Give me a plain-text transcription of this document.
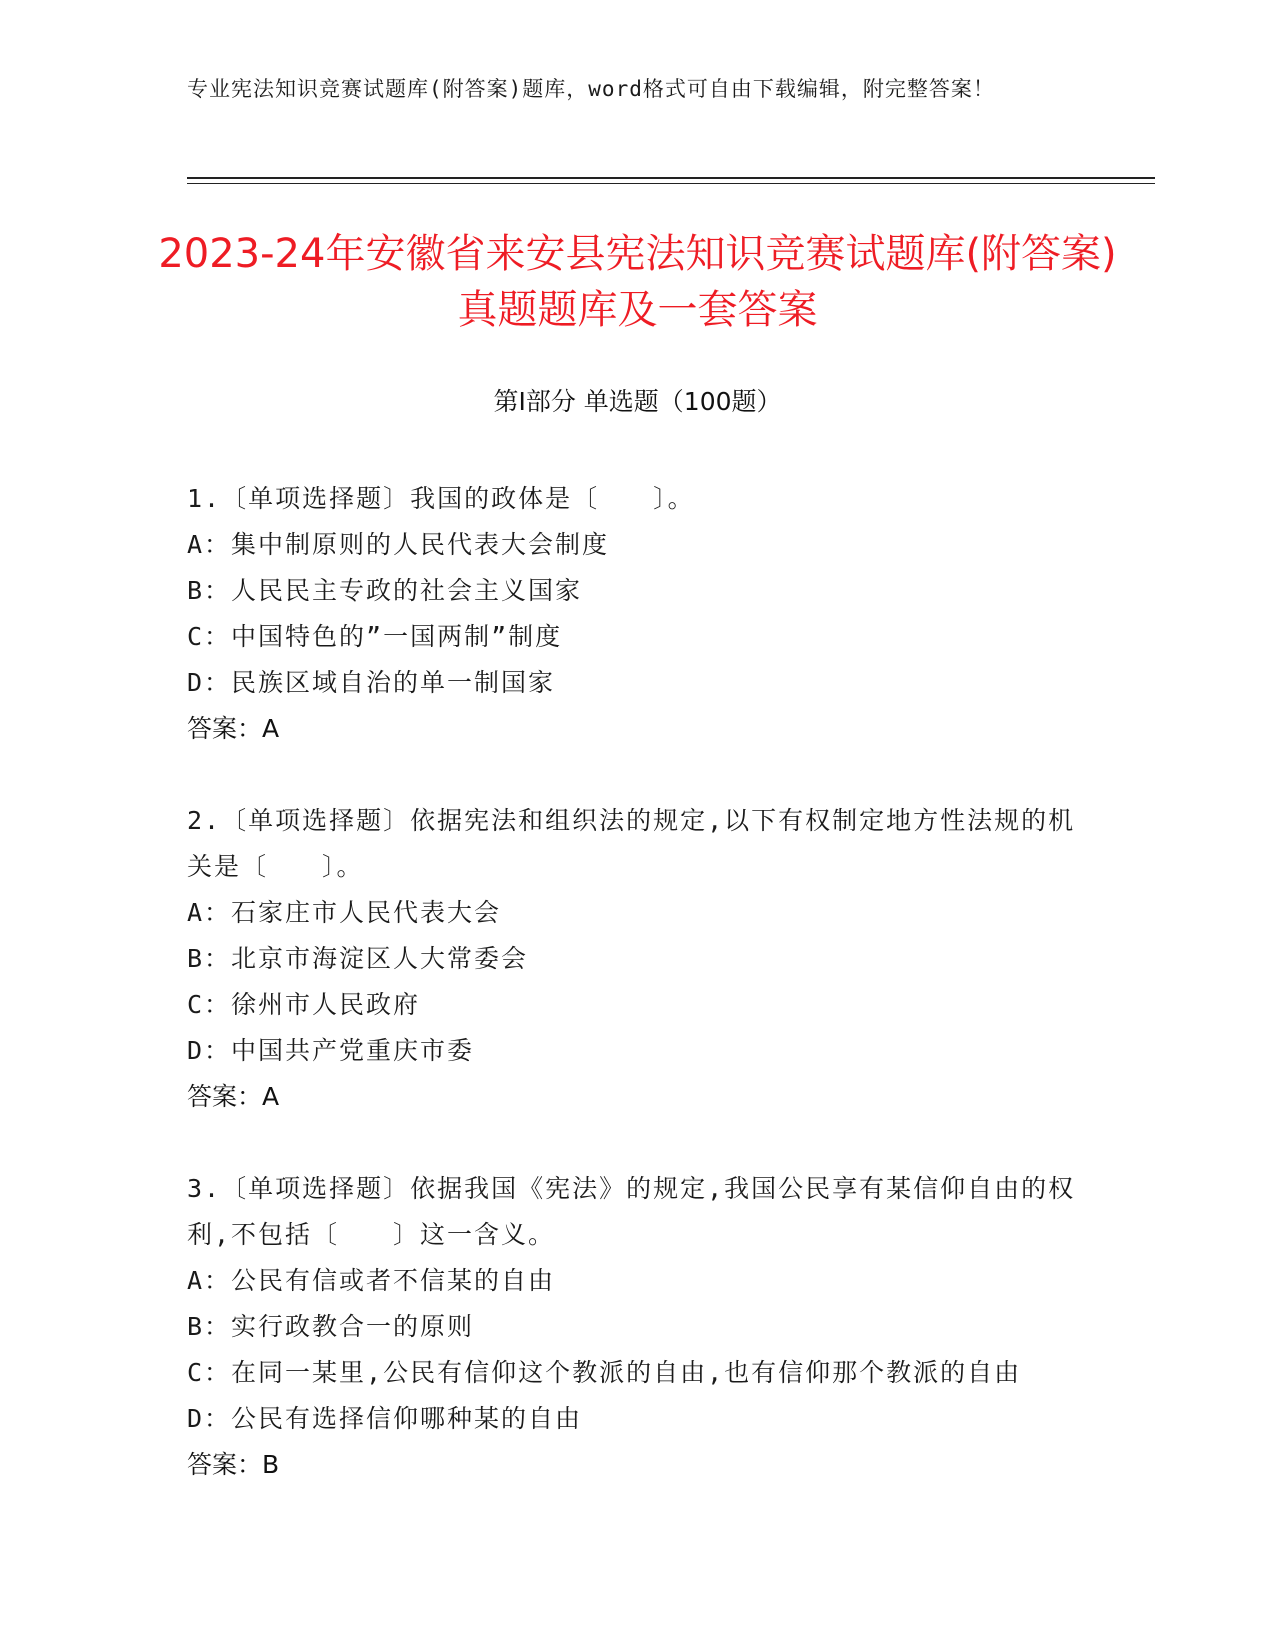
专业宪法知识竞赛试题库(附答案)题库，word格式可自由下载编辑，附完整答案！
2023-24年安徽省来安县宪法知识竞赛试题库(附答案)真题题库及一套答案
第I部分 单选题（100题）
1.〔单项选择题〕我国的政体是〔　　〕。
A：集中制原则的人民代表大会制度
B：人民民主专政的社会主义国家
C：中国特色的”一国两制”制度
D：民族区域自治的单一制国家
答案：A
2.〔单项选择题〕依据宪法和组织法的规定,以下有权制定地方性法规的机关是〔　　〕。
A：石家庄市人民代表大会
B：北京市海淀区人大常委会
C：徐州市人民政府
D：中国共产党重庆市委
答案：A
3.〔单项选择题〕依据我国《宪法》的规定,我国公民享有某信仰自由的权利,不包括〔　　〕这一含义。
A：公民有信或者不信某的自由
B：实行政教合一的原则
C：在同一某里,公民有信仰这个教派的自由,也有信仰那个教派的自由
D：公民有选择信仰哪种某的自由
答案：B
